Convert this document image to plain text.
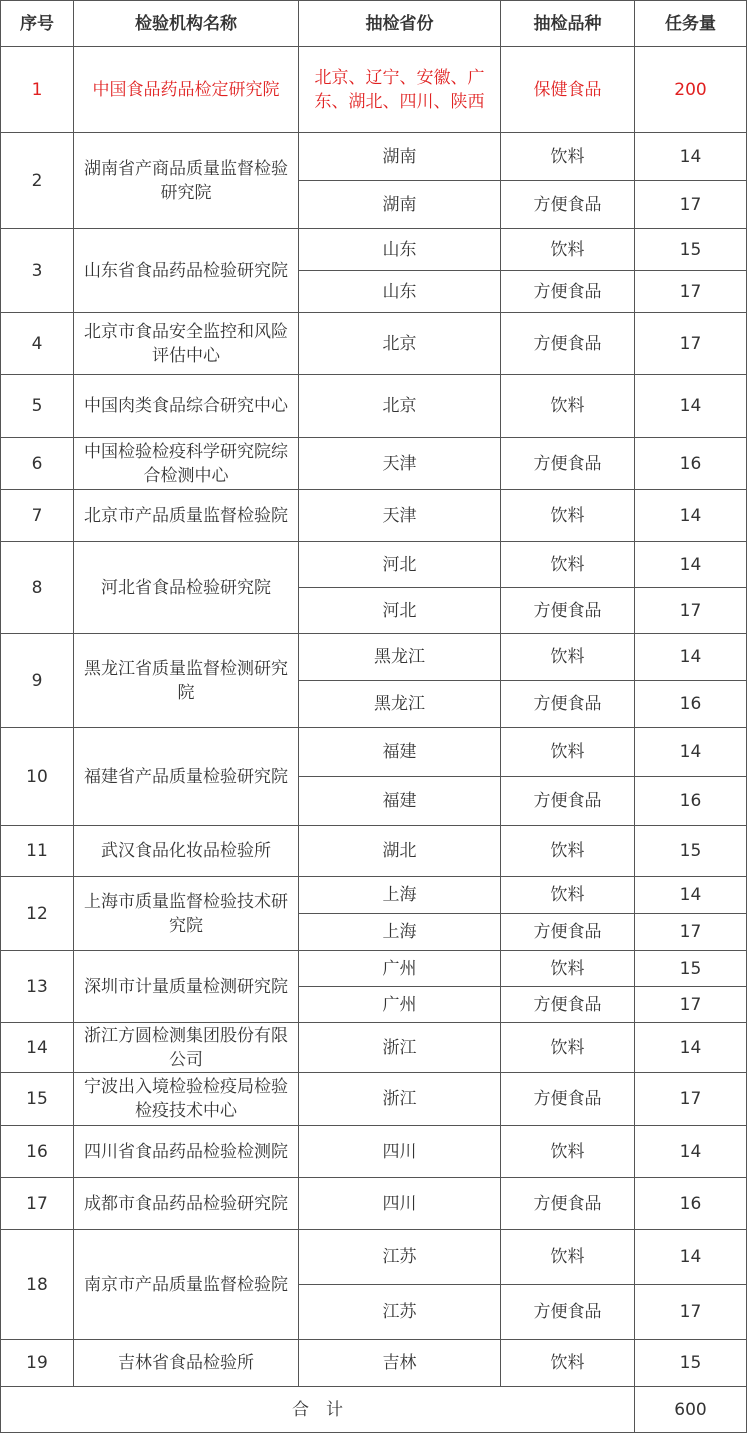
序号	检验机构名称	抽检省份	抽检品种	任务量
1	中国食品药品检定研究院	北京、辽宁、安徽、广东、湖北、四川、陕西	保健食品	200
2	湖南省产商品质量监督检验研究院	湖南	饮料	14
		湖南	方便食品	17
3	山东省食品药品检验研究院	山东	饮料	15
		山东	方便食品	17
4	北京市食品安全监控和风险评估中心	北京	方便食品	17
5	中国肉类食品综合研究中心	北京	饮料	14
6	中国检验检疫科学研究院综合检测中心	天津	方便食品	16
7	北京市产品质量监督检验院	天津	饮料	14
8	河北省食品检验研究院	河北	饮料	14
		河北	方便食品	17
9	黑龙江省质量监督检测研究院	黑龙江	饮料	14
		黑龙江	方便食品	16
10	福建省产品质量检验研究院	福建	饮料	14
		福建	方便食品	16
11	武汉食品化妆品检验所	湖北	饮料	15
12	上海市质量监督检验技术研究院	上海	饮料	14
		上海	方便食品	17
13	深圳市计量质量检测研究院	广州	饮料	15
		广州	方便食品	17
14	浙江方圆检测集团股份有限公司	浙江	饮料	14
15	宁波出入境检验检疫局检验检疫技术中心	浙江	方便食品	17
16	四川省食品药品检验检测院	四川	饮料	14
17	成都市食品药品检验研究院	四川	方便食品	16
18	南京市产品质量监督检验院	江苏	饮料	14
		江苏	方便食品	17
19	吉林省食品检验所	吉林	饮料	15
合　计				600
